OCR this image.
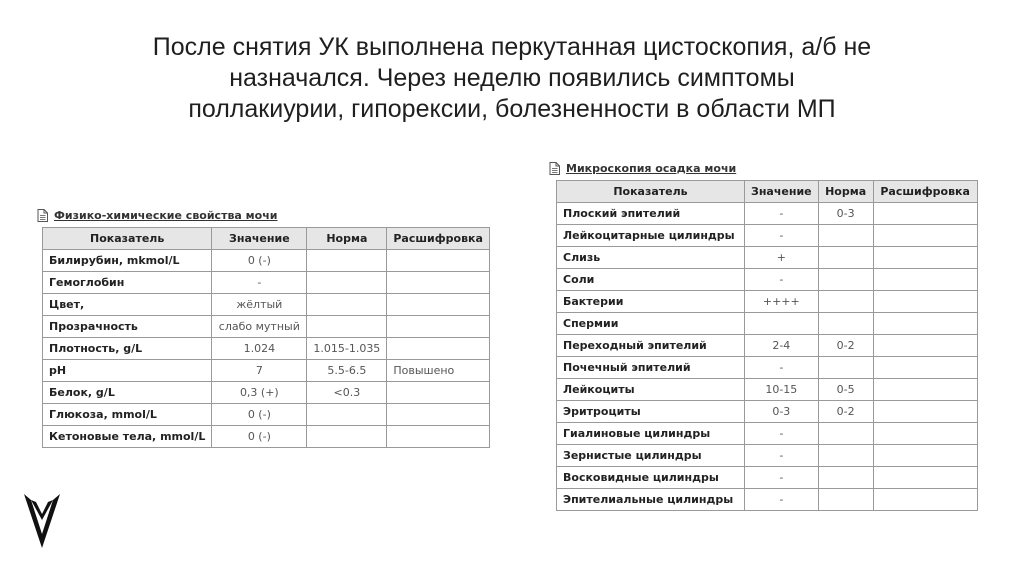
После снятия УК выполнена перкутанная цистоскопия, а/б не
назначался. Через неделю появились симптомы
поллакиурии, гипорексии, болезненности в области МП
Физико-химические свойства мочи
Показатель	Значение	Норма	Расшифровка
Билирубин, mkmol/L	0 (-)		
Гемоглобин	-		
Цвет,	жёлтый		
Прозрачность	слабо мутный		
Плотность, g/L	1.024	1.015-1.035	
pH	7	5.5-6.5	Повышено
Белок, g/L	0,3 (+)	<0.3	
Глюкоза, mmol/L	0 (-)		
Кетоновые тела, mmol/L	0 (-)		
Микроскопия осадка мочи
Показатель	Значение	Норма	Расшифровка
Плоский эпителий	-	0-3	
Лейкоцитарные цилиндры	-		
Слизь	+		
Соли	-		
Бактерии	++++		
Спермии			
Переходный эпителий	2-4	0-2	
Почечный эпителий	-		
Лейкоциты	10-15	0-5	
Эритроциты	0-3	0-2	
Гиалиновые цилиндры	-		
Зернистые цилиндры	-		
Восковидные цилиндры	-		
Эпителиальные цилиндры	-		
